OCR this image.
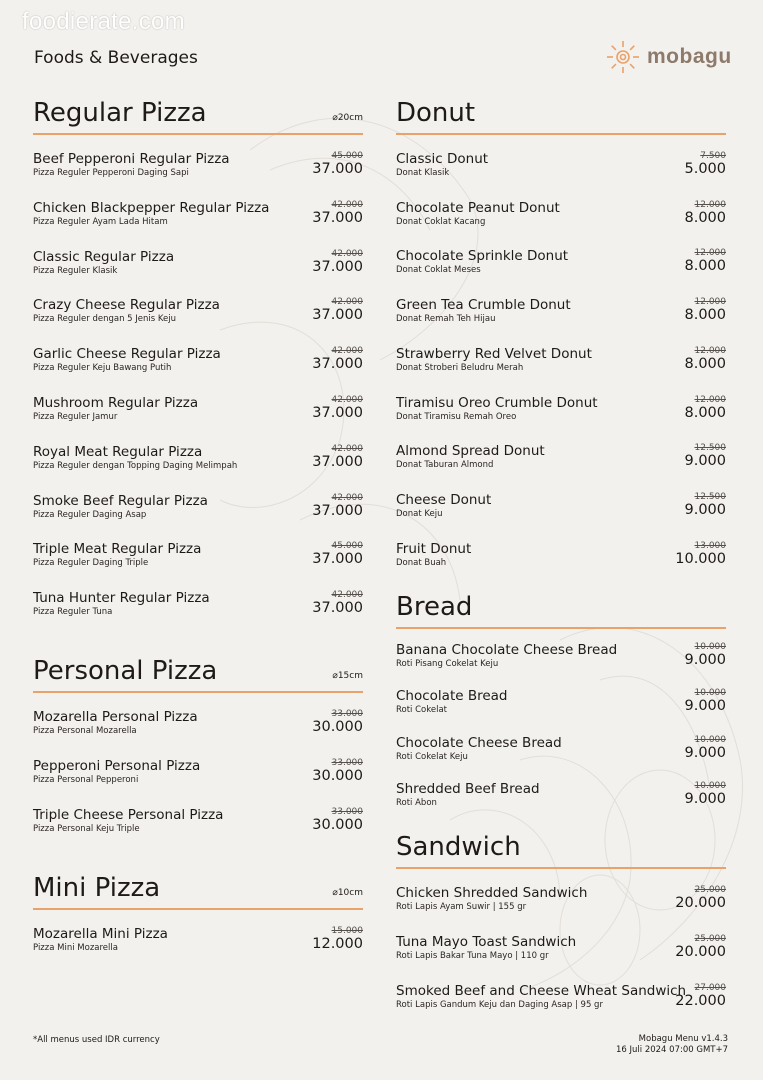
foodierate.com
Foods & Beverages	mobagu
Regular Pizza	⌀20cm
Beef Pepperoni Regular Pizza
Pizza Reguler Pepperoni Daging Sapi
45.000
37.000
Chicken Blackpepper Regular Pizza
Pizza Reguler Ayam Lada Hitam
42.000
37.000
Classic Regular Pizza
Pizza Reguler Klasik
42.000
37.000
Crazy Cheese Regular Pizza
Pizza Reguler dengan 5 Jenis Keju
42.000
37.000
Garlic Cheese Regular Pizza
Pizza Reguler Keju Bawang Putih
42.000
37.000
Mushroom Regular Pizza
Pizza Reguler Jamur
42.000
37.000
Royal Meat Regular Pizza
Pizza Reguler dengan Topping Daging Melimpah
42.000
37.000
Smoke Beef Regular Pizza
Pizza Reguler Daging Asap
42.000
37.000
Triple Meat Regular Pizza
Pizza Reguler Daging Triple
45.000
37.000
Tuna Hunter Regular Pizza
Pizza Reguler Tuna
42.000
37.000
Personal Pizza	⌀15cm
Mozarella Personal Pizza
Pizza Personal Mozarella
33.000
30.000
Pepperoni Personal Pizza
Pizza Personal Pepperoni
33.000
30.000
Triple Cheese Personal Pizza
Pizza Personal Keju Triple
33.000
30.000
Mini Pizza	⌀10cm
Mozarella Mini Pizza
Pizza Mini Mozarella
15.000
12.000
Donut
Classic Donut
Donat Klasik
7.500
5.000
Chocolate Peanut Donut
Donat Coklat Kacang
12.000
8.000
Chocolate Sprinkle Donut
Donat Coklat Meses
12.000
8.000
Green Tea Crumble Donut
Donat Remah Teh Hijau
12.000
8.000
Strawberry Red Velvet Donut
Donat Stroberi Beludru Merah
12.000
8.000
Tiramisu Oreo Crumble Donut
Donat Tiramisu Remah Oreo
12.000
8.000
Almond Spread Donut
Donat Taburan Almond
12.500
9.000
Cheese Donut
Donat Keju
12.500
9.000
Fruit Donut
Donat Buah
13.000
10.000
Bread
Banana Chocolate Cheese Bread
Roti Pisang Cokelat Keju
10.000
9.000
Chocolate Bread
Roti Cokelat
10.000
9.000
Chocolate Cheese Bread
Roti Cokelat Keju
10.000
9.000
Shredded Beef Bread
Roti Abon
10.000
9.000
Sandwich
Chicken Shredded Sandwich
Roti Lapis Ayam Suwir | 155 gr
25.000
20.000
Tuna Mayo Toast Sandwich
Roti Lapis Bakar Tuna Mayo | 110 gr
25.000
20.000
Smoked Beef and Cheese Wheat Sandwich
Roti Lapis Gandum Keju dan Daging Asap | 95 gr
27.000
22.000
*All menus used IDR currency	Mobagu Menu v1.4.3
16 Juli 2024 07:00 GMT+7
